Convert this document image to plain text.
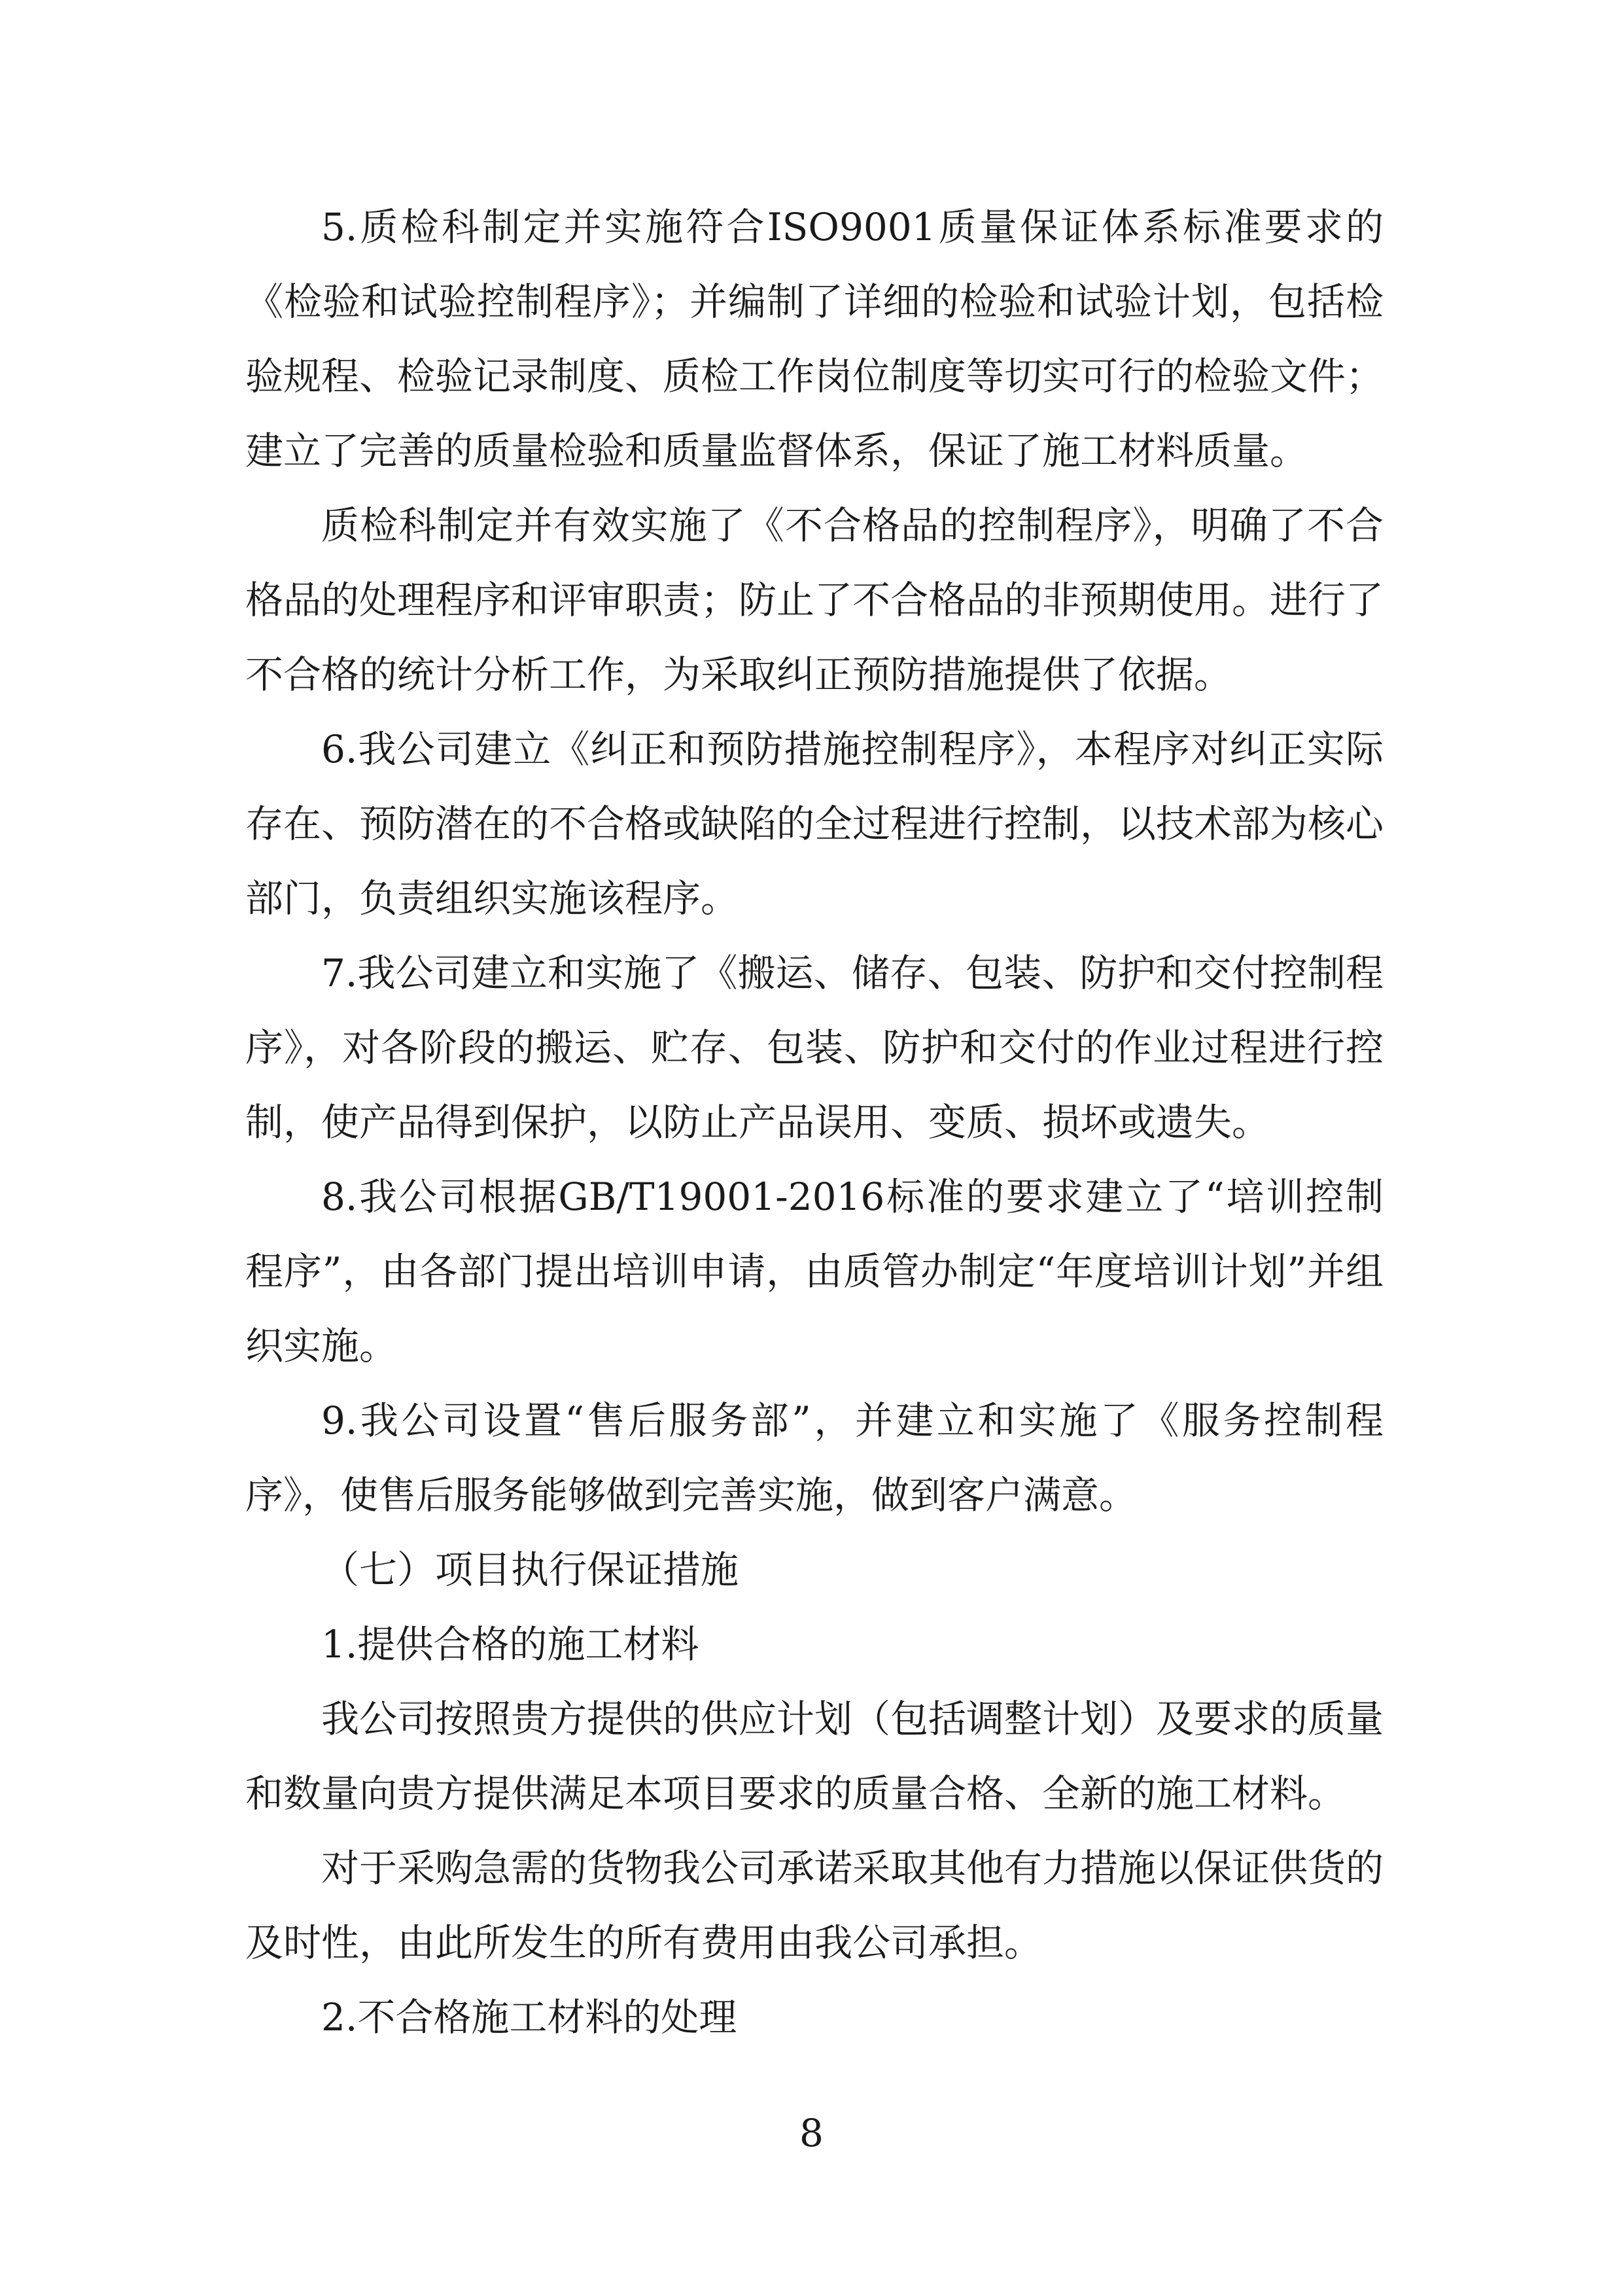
5.质检科制定并实施符合ISO9001质量保证体系标准要求的《检验和试验控制程序》；并编制了详细的检验和试验计划，包括检验规程、检验记录制度、质检工作岗位制度等切实可行的检验文件；建立了完善的质量检验和质量监督体系，保证了施工材料质量。

质检科制定并有效实施了《不合格品的控制程序》，明确了不合格品的处理程序和评审职责；防止了不合格品的非预期使用。进行了不合格的统计分析工作，为采取纠正预防措施提供了依据。

6.我公司建立《纠正和预防措施控制程序》，本程序对纠正实际存在、预防潜在的不合格或缺陷的全过程进行控制，以技术部为核心部门，负责组织实施该程序。

7.我公司建立和实施了《搬运、储存、包装、防护和交付控制程序》，对各阶段的搬运、贮存、包装、防护和交付的作业过程进行控制，使产品得到保护，以防止产品误用、变质、损坏或遗失。

8.我公司根据GB/T19001-2016标准的要求建立了“培训控制程序”，由各部门提出培训申请，由质管办制定“年度培训计划”并组织实施。

9.我公司设置“售后服务部”，并建立和实施了《服务控制程序》，使售后服务能够做到完善实施，做到客户满意。

（七）项目执行保证措施

1.提供合格的施工材料

我公司按照贵方提供的供应计划（包括调整计划）及要求的质量和数量向贵方提供满足本项目要求的质量合格、全新的施工材料。

对于采购急需的货物我公司承诺采取其他有力措施以保证供货的及时性，由此所发生的所有费用由我公司承担。

2.不合格施工材料的处理

8
